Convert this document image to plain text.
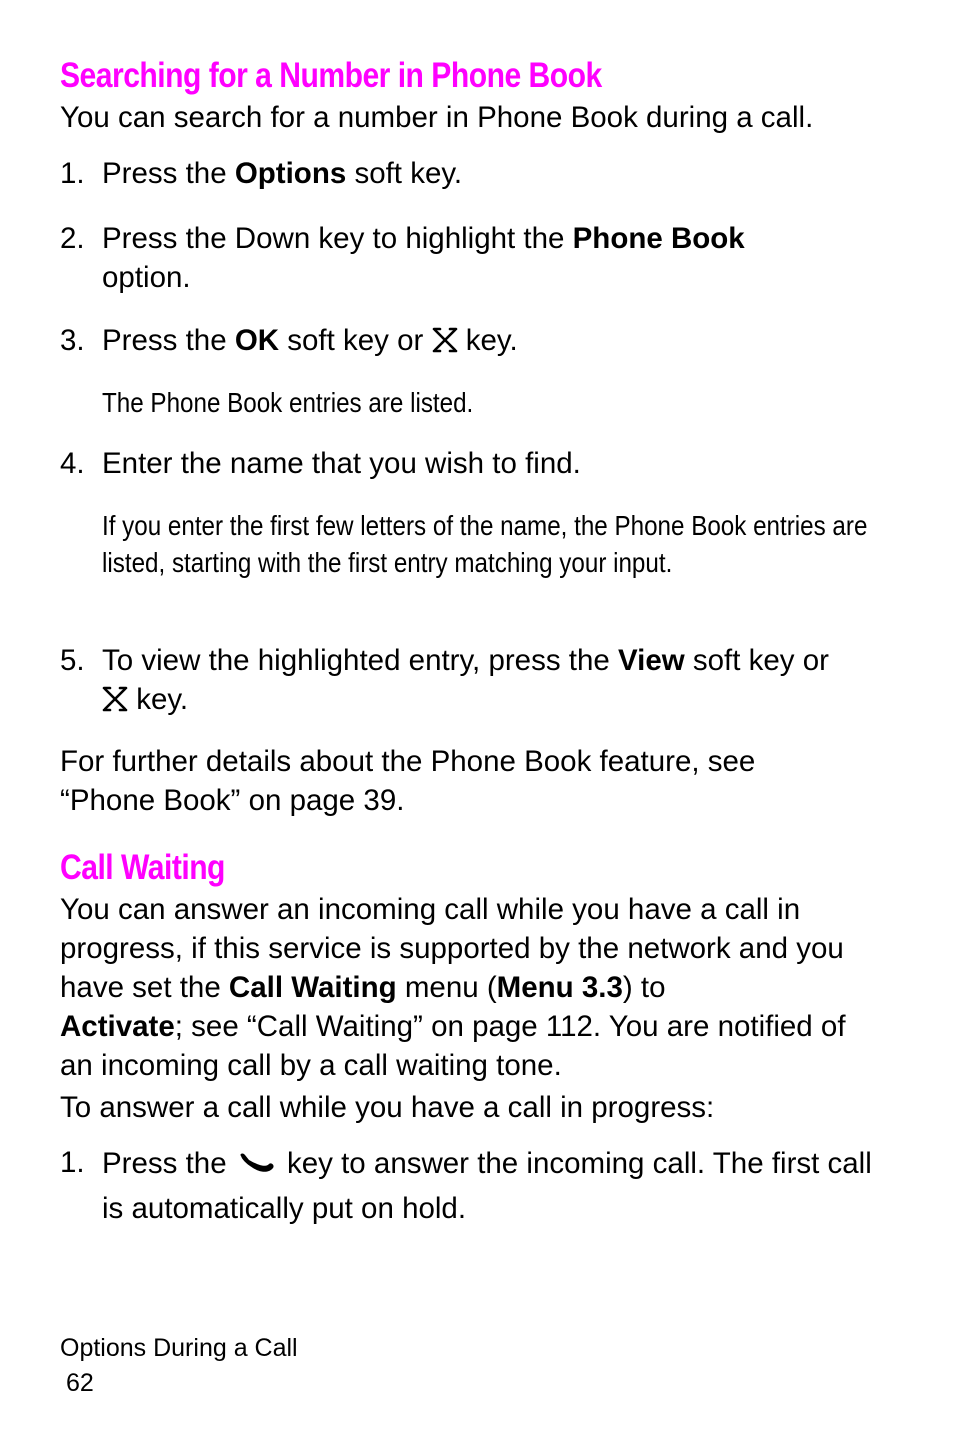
Searching for a Number in Phone Book
You can search for a number in Phone Book during a call.
1. Press the Options soft key.
2. Press the Down key to highlight the Phone Book option.
3. Press the OK soft key or  key.
The Phone Book entries are listed.
4. Enter the name that you wish to find.
If you enter the first few letters of the name, the Phone Book entries are listed, starting with the first entry matching your input.
5. To view the highlighted entry, press the View soft key or
key.
For further details about the Phone Book feature, see “Phone Book” on page 39.
Call Waiting
You can answer an incoming call while you have a call in progress, if this service is supported by the network and you have set the Call Waiting menu (Menu 3.3) to
Activate; see “Call Waiting” on page 112. You are notified of an incoming call by a call waiting tone.
To answer a call while you have a call in progress:
1. Press the  key to answer the incoming call. The first call is automatically put on hold.
Options During a Call
62
